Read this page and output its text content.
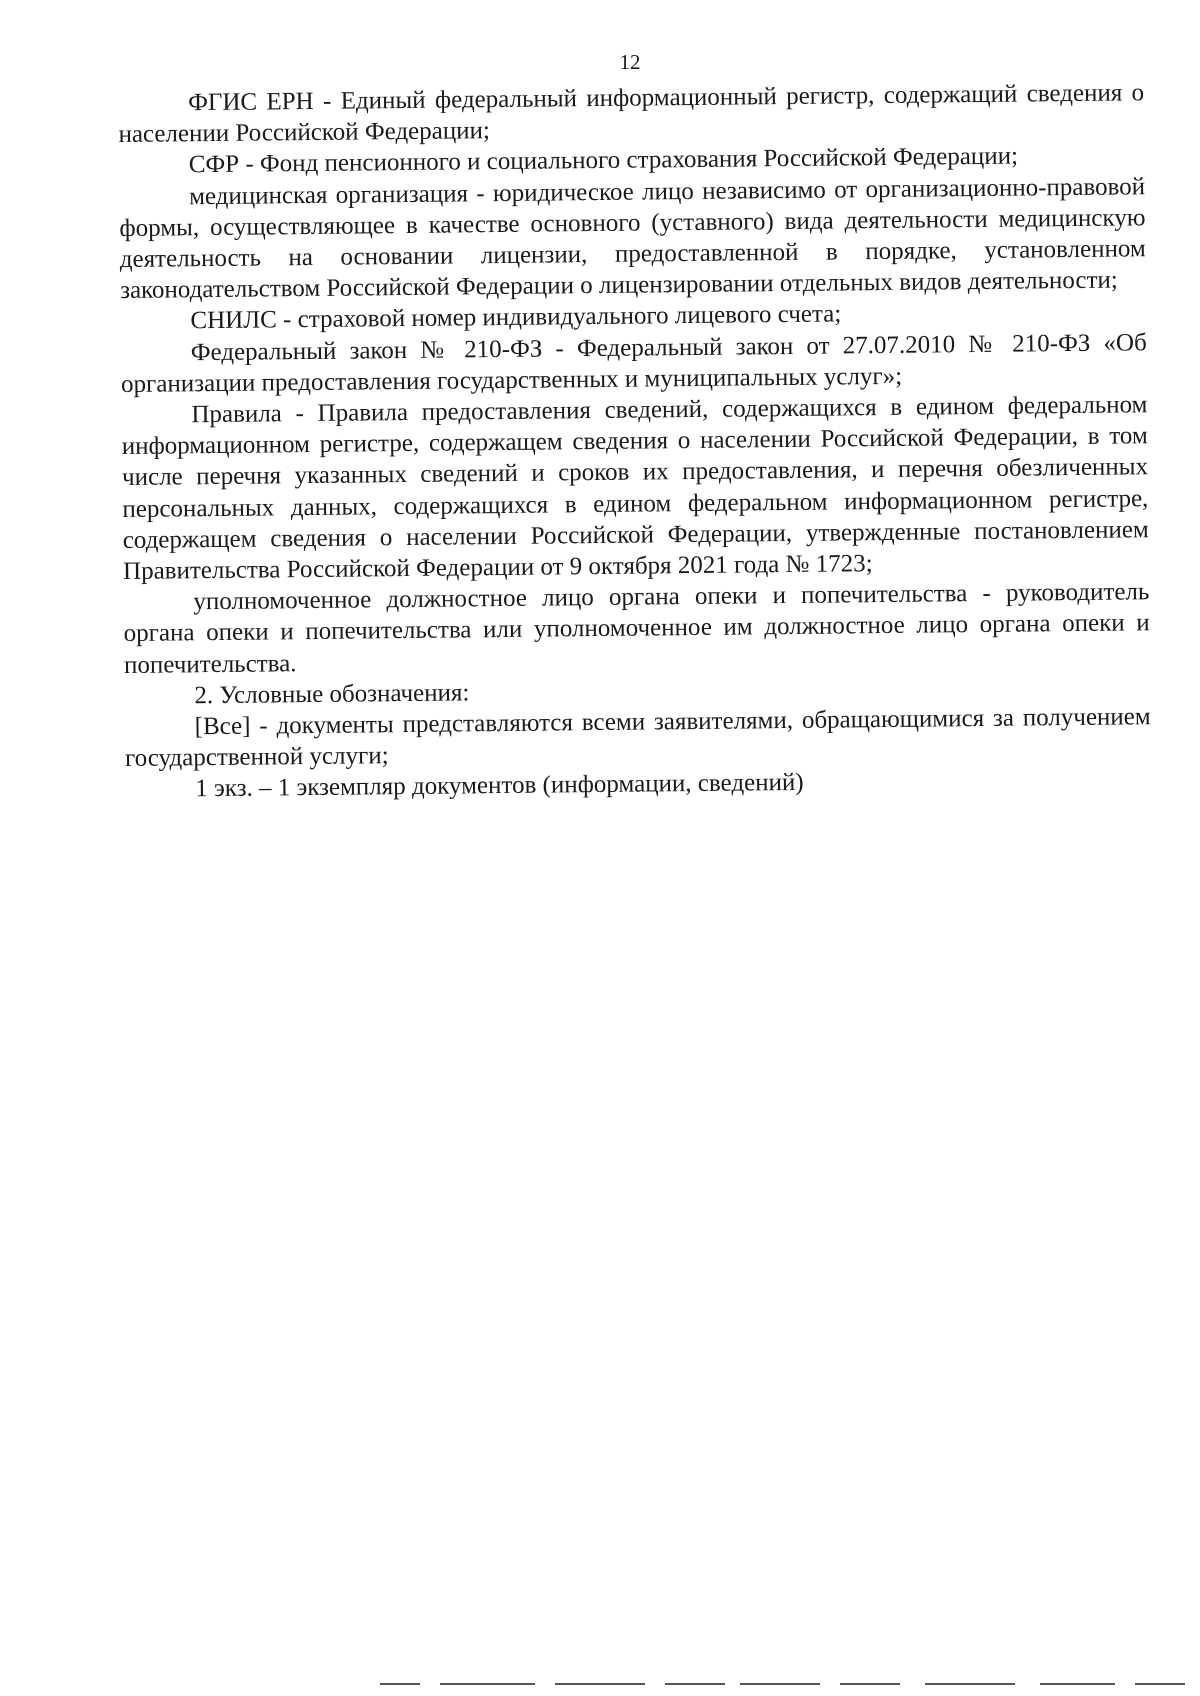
12

ФГИС ЕРН - Единый федеральный информационный регистр, содержащий сведения о населении Российской Федерации;

СФР - Фонд пенсионного и социального страхования Российской Федерации;

медицинская организация - юридическое лицо независимо от организационно-правовой формы, осуществляющее в качестве основного (уставного) вида деятельности медицинскую деятельность на основании лицензии, предоставленной в порядке, установленном законодательством Российской Федерации о лицензировании отдельных видов деятельности;

СНИЛС - страховой номер индивидуального лицевого счета;

Федеральный закон № 210-ФЗ - Федеральный закон от 27.07.2010 № 210-ФЗ «Об организации предоставления государственных и муниципальных услуг»;

Правила - Правила предоставления сведений, содержащихся в едином федеральном информационном регистре, содержащем сведения о населении Российской Федерации, в том числе перечня указанных сведений и сроков их предоставления, и перечня обезличенных персональных данных, содержащихся в едином федеральном информационном регистре, содержащем сведения о населении Российской Федерации, утвержденные постановлением Правительства Российской Федерации от 9 октября 2021 года № 1723;

уполномоченное должностное лицо органа опеки и попечительства - руководитель органа опеки и попечительства или уполномоченное им должностное лицо органа опеки и попечительства.

2. Условные обозначения:

[Все] - документы представляются всеми заявителями, обращающимися за получением государственной услуги;

1 экз. – 1 экземпляр документов (информации, сведений)
